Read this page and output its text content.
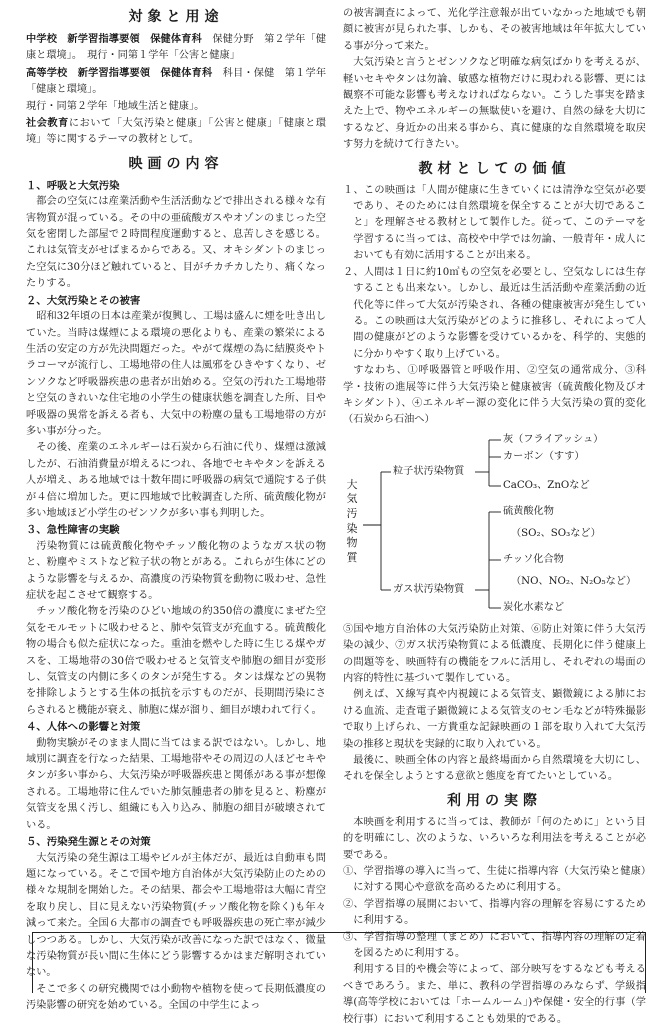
対象と用途

中学校　新学習指導要領　保健体育科　保健分野　第２学年「健康と環境」。　現行・同第１学年「公害と健康」

高等学校　新学習指導要領　保健体育科　科目・保健　第１学年「健康と環境」。

現行・同第２学年「地域生活と健康」。

社会教育において「大気汚染と健康」「公害と健康」「健康と環境」等に関するテーマの教材として。

映画の内容
１、呼吸と大気汚染

都会の空気には産業活動や生活活動などで排出される様々な有害物質が混っている。その中の亜硫酸ガスやオゾンのまじった空気を密閉した部屋で２時間程度運動すると、息苦しさを感じる。これは気管支がせばまるからである。又、オキシダントのまじった空気に30分ほど触れていると、目がチカチカしたり、痛くなったりする。

２、大気汚染とその被害

昭和32年頃の日本は産業が復興し、工場は盛んに煙を吐き出していた。当時は煤煙による環境の悪化よりも、産業の繁栄による生活の安定の方が先決問題だった。やがて煤煙の為に結膜炎やトラコーマが流行し、工場地帯の住人は風邪をひきやすくなり、ゼンソクなど呼吸器疾患の患者が出始める。空気の汚れた工場地帯と空気のきれいな住宅地の小学生の健康状態を調査した所、目や呼吸器の異常を訴える者も、大気中の粉塵の量も工場地帯の方が多い事が分った。

その後、産業のエネルギーは石炭から石油に代り、煤煙は激減したが、石油消費量が増えるにつれ、各地でセキやタンを訴える人が増え、ある地域では十数年間に呼吸器の病気で通院する子供が４倍に増加した。更に四地域で比較調査した所、硫黄酸化物が多い地域ほど小学生のゼンソクが多い事も判明した。

３、急性障害の実験

汚染物質には硫黄酸化物やチッソ酸化物のようなガス状の物と、粉塵やミストなど粒子状の物とがある。これらが生体にどのような影響を与えるか、高濃度の汚染物質を動物に吸わせ、急性症状を起こさせて観察する。

チッソ酸化物を汚染のひどい地域の約350倍の濃度にまぜた空気をモルモットに吸わせると、肺や気管支が充血する。硫黄酸化物の場合も似た症状になった。重油を燃やした時に生じる煤やガスを、工場地帯の30倍で吸わせると気管支や肺胞の細目が変形し、気管支の内側に多くのタンが発生する。タンは煤などの異物を排除しようとする生体の抵抗を示すものだが、長期間汚染にさらされると機能が衰え、肺胞に煤が溜り、細目が壊われて行く。

４、人体への影響と対策

動物実験がそのまま人間に当てはまる訳ではない。しかし、地域別に調査を行なった結果、工場地帯やその周辺の人ほどセキやタンが多い事から、大気汚染が呼吸器疾患と関係がある事が想像される。工場地帯に住んでいた肺気腫患者の肺を見ると、粉塵が気管支を黒く汚し、組織にも入り込み、肺胞の細目が破壊されている。

５、汚染発生源とその対策

大気汚染の発生源は工場やビルが主体だが、最近は自動車も問題になっている。そこで国や地方自治体が大気汚染防止のための様々な規制を開始した。その結果、都会や工場地帯は大幅に青空を取り戻し、目に見えない汚染物質(チッソ酸化物を除く)も年々減って来た。全国６大都市の調査でも呼吸器疾患の死亡率が減少しつつある。しかし、大気汚染が改善になった訳ではなく、微量な汚染物質が長い間に生体にどう影響するかはまだ解明されていない。

そこで多くの研究機関では小動物や植物を使って長期低濃度の汚染影響の研究を始めている。全国の中学生によっ

の被害調査によって、光化学注意報が出ていなかった地域でも朝顔に被害が見られた事、しかも、その被害地域は年年拡大している事が分って来た。

大気汚染と言うとゼンソクなど明確な病気ばかりを考えるが、軽いセキやタンは勿論、敏感な植物だけに現われる影響、更には観察不可能な影響も考えなければならない。こうした事実を踏まえた上で、物やエネルギーの無駄使いを避け、自然の緑を大切にするなど、身近かの出来る事から、真に健康的な自然環境を取戻す努力を続けて行きたい。

教材としての価値

１、この映画は「人間が健康に生きていくには清浄な空気が必要であり、そのためには自然環境を保全することが大切であること」を理解させる教材として製作した。従って、このテーマを学習するに当っては、高校や中学では勿論、一般青年・成人においても有効に活用することが出来る。

２、人間は１日に約10㎥もの空気を必要とし、空気なしには生存することも出来ない。しかし、最近は生活活動や産業活動の近代化等に伴って大気が汚染され、各種の健康被害が発生している。この映画は大気汚染がどのように推移し、それによって人間の健康がどのような影響を受けているかを、科学的、実態的に分かりやすく取り上げている。

すなわち、①呼吸器管と呼吸作用、②空気の通常成分、③科学・技術の進展等に伴う大気汚染と健康被害（硫黄酸化物及びオキシダント）、④エネルギー源の変化に伴う大気汚染の質的変化（石炭から石油へ）

大気汚染物質
粒子状汚染物質
灰（フライアッシュ）
カーボン（すす）
CaCO₃、ZnOなど
ガス状汚染物質
硫黄酸化物
（SO₂、SO₃など）
チッソ化合物
（NO、NO₂、N₂O₅など）
炭化水素など

⑤国や地方自治体の大気汚染防止対策、⑥防止対策に伴う大気汚染の減少、⑦ガス状汚染物質による低濃度、長期化に伴う健康上の問題等を、映画特有の機能をフルに活用し、それぞれの場面の内容的特性に基づいて製作している。

例えば、Ｘ線写真や内視鏡による気管支、顕微鏡による肺における血流、走査電子顕微鏡による気管支のセン毛などが特殊撮影で取り上げられ、一方貴重な記録映画の１部を取り入れて大気汚染の推移と現状を実録的に取り入れている。

最後に、映画全体の内容と最終場面から自然環境を大切にし、それを保全しようとする意欲と態度を育てたいとしている。

利用の実際

本映画を利用するに当っては、教師が「何のために」という目的を明確にし、次のような、いろいろな利用法を考えることが必要である。

①、学習指導の導入に当って、生徒に指導内容（大気汚染と健康）に対する関心や意欲を高めるために利用する。

②、学習指導の展開において、指導内容の理解を容易にするために利用する。

③、学習指導の整理（まとめ）において、指導内容の理解の定着を図るために利用する。

利用する目的や機会等によって、部分映写をするなども考えるべきであろう。また、単に、教科の学習指導のみならず、学級指導(高等学校においては「ホームルーム」)や保健・安全的行事（学校行事）において利用することも効果的である。
